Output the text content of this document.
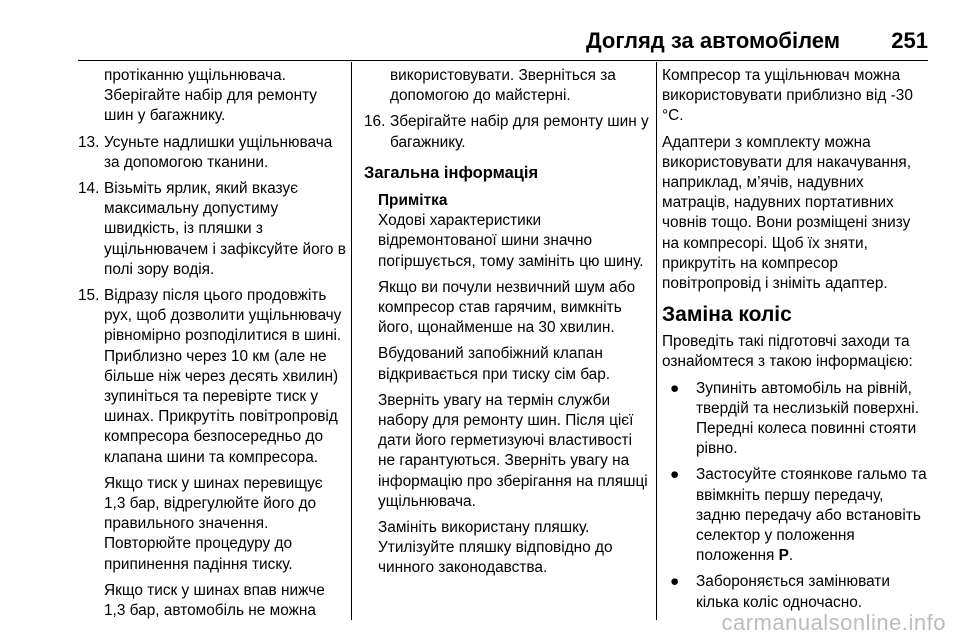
Догляд за автомобілем 251

протіканню ущільнювача. Зберігайте набір для ремонту шин у багажнику.

13. Усуньте надлишки ущільнювача за допомогою тканини.
14. Візьміть ярлик, який вказує максимальну допустиму швидкість, із пляшки з ущільнювачем і зафіксуйте його в полі зору водія.
15. Відразу після цього продовжіть рух, щоб дозволити ущільнювачу рівномірно розподілитися в шині. Приблизно через 10 км (але не більше ніж через десять хвилин) зупиніться та перевірте тиск у шинах. Прикрутіть повітропровід компресора безпосередньо до клапана шини та компресора.
Якщо тиск у шинах перевищує 1,3 бар, відрегулюйте його до правильного значення. Повторюйте процедуру до припинення падіння тиску.
Якщо тиск у шинах впав нижче 1,3 бар, автомобіль не можна

використовувати. Зверніться за допомогою до майстерні.

16. Зберігайте набір для ремонту шин у багажнику.
Загальна інформація

Примітка

Ходові характеристики відремонтованої шини значно погіршується, тому замініть цю шину.

Якщо ви почули незвичний шум або компресор став гарячим, вимкніть його, щонайменше на 30 хвилин.

Вбудований запобіжний клапан відкривається при тиску сім бар.

Зверніть увагу на термін служби набору для ремонту шин. Після цієї дати його герметизуючі властивості не гарантуються. Зверніть увагу на інформацію про зберігання на пляшці ущільнювача.

Замініть використану пляшку. Утилізуйте пляшку відповідно до чинного законодавства.

Компресор та ущільнювач можна використовувати приблизно від -30 °C.

Адаптери з комплекту можна використовувати для накачування, наприклад, м’ячів, надувних матраців, надувних портативних човнів тощо. Вони розміщені знизу на компресорі. Щоб їх зняти, прикрутіть на компресор повітропровід і зніміть адаптер.

Заміна коліс

Проведіть такі підготовчі заходи та ознайомтеся з такою інформацією:

●	Зупиніть автомобіль на рівній, твердій та неслизькій поверхні. Передні колеса повинні стояти рівно.
●	Застосуйте стоянкове гальмо та ввімкніть першу передачу, задню передачу або встановіть селектор у положення положення P.
●	Забороняється замінювати кілька коліс одночасно.
carmanualsonline.info
